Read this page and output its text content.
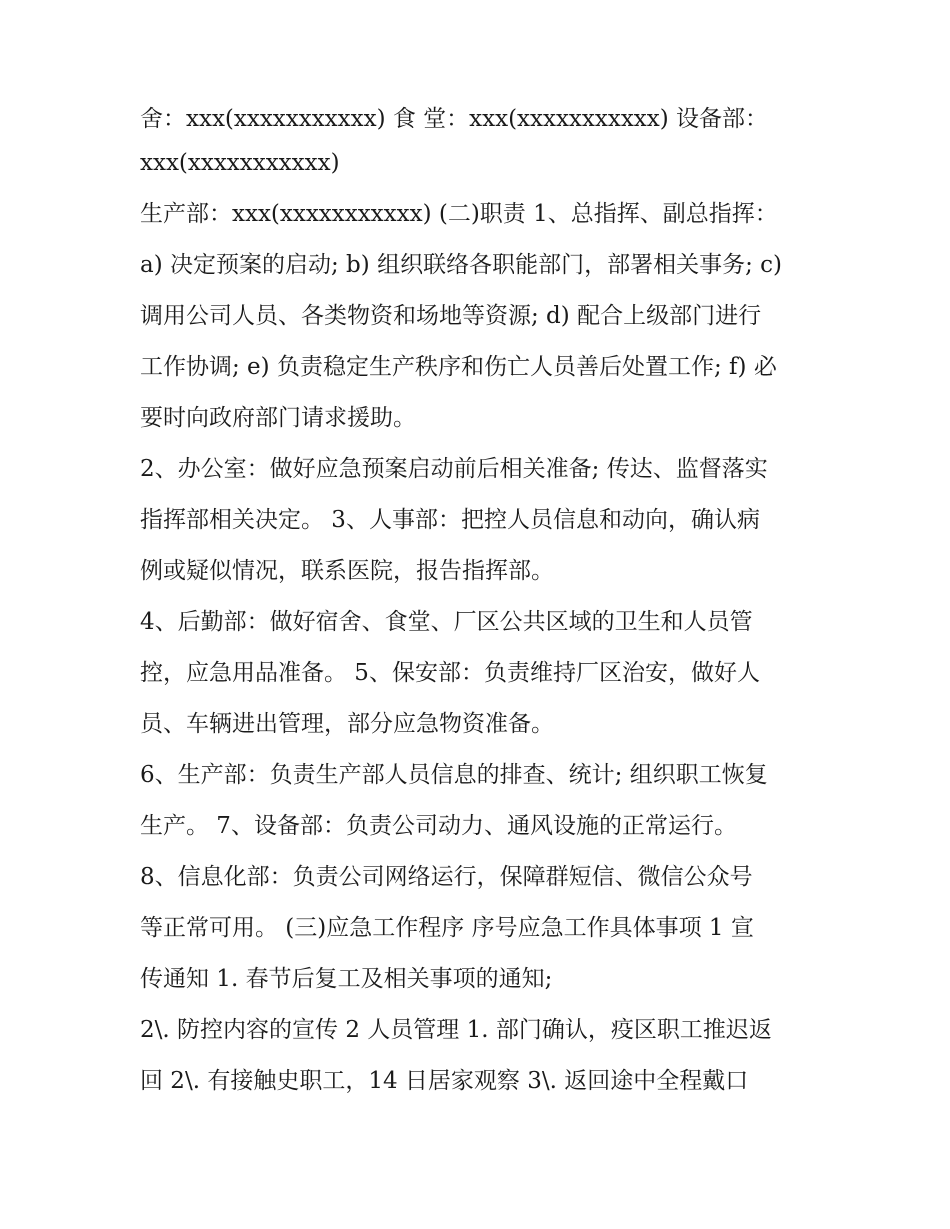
舍：xxx(xxxxxxxxxxx) 食 堂：xxx(xxxxxxxxxxx) 设备部：

xxx(xxxxxxxxxxx)

生产部：xxx(xxxxxxxxxxx) (二)职责 1、总指挥、副总指挥：

a) 决定预案的启动; b) 组织联络各职能部门，部署相关事务; c)

调用公司人员、各类物资和场地等资源; d) 配合上级部门进行

工作协调; e) 负责稳定生产秩序和伤亡人员善后处置工作; f) 必

要时向政府部门请求援助。

2、办公室：做好应急预案启动前后相关准备; 传达、监督落实

指挥部相关决定。 3、人事部：把控人员信息和动向，确认病

例或疑似情况，联系医院，报告指挥部。

4、后勤部：做好宿舍、食堂、厂区公共区域的卫生和人员管

控，应急用品准备。 5、保安部：负责维持厂区治安，做好人

员、车辆进出管理，部分应急物资准备。

6、生产部：负责生产部人员信息的排查、统计; 组织职工恢复

生产。 7、设备部：负责公司动力、通风设施的正常运行。

8、信息化部：负责公司网络运行，保障群短信、微信公众号

等正常可用。 (三)应急工作程序 序号应急工作具体事项 1 宣

传通知 1. 春节后复工及相关事项的通知;

2\. 防控内容的宣传 2 人员管理 1. 部门确认，疫区职工推迟返

回 2\. 有接触史职工，14 日居家观察 3\. 返回途中全程戴口
